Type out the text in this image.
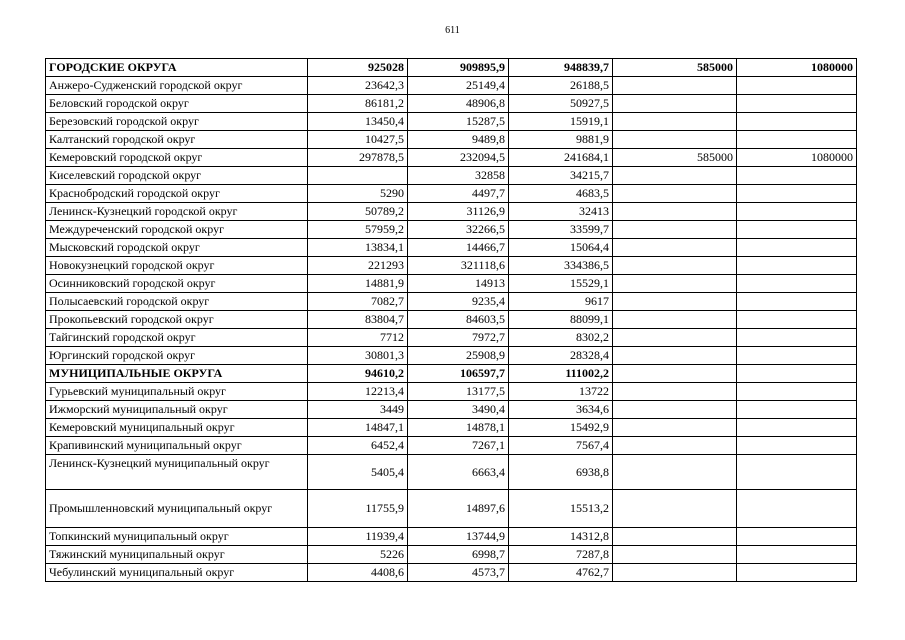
611
ГОРОДСКИЕ ОКРУГА	925028	909895,9	948839,7	585000	1080000
Анжеро-Судженский городской округ	23642,3	25149,4	26188,5		
Беловский городской округ	86181,2	48906,8	50927,5		
Березовский городской округ	13450,4	15287,5	15919,1		
Калтанский городской округ	10427,5	9489,8	9881,9		
Кемеровский городской округ	297878,5	232094,5	241684,1	585000	1080000
Киселевский городской округ		32858	34215,7		
Краснобродский городской округ	5290	4497,7	4683,5		
Ленинск-Кузнецкий городской округ	50789,2	31126,9	32413		
Междуреченский городской округ	57959,2	32266,5	33599,7		
Мысковский городской округ	13834,1	14466,7	15064,4		
Новокузнецкий городской округ	221293	321118,6	334386,5		
Осинниковский городской округ	14881,9	14913	15529,1		
Полысаевский городской округ	7082,7	9235,4	9617		
Прокопьевский городской округ	83804,7	84603,5	88099,1		
Тайгинский городской округ	7712	7972,7	8302,2		
Юргинский городской округ	30801,3	25908,9	28328,4		
МУНИЦИПАЛЬНЫЕ ОКРУГА	94610,2	106597,7	111002,2		
Гурьевский муниципальный округ	12213,4	13177,5	13722		
Ижморский муниципальный округ	3449	3490,4	3634,6		
Кемеровский муниципальный округ	14847,1	14878,1	15492,9		
Крапивинский муниципальный округ	6452,4	7267,1	7567,4		
Ленинск-Кузнецкий муниципальный округ	5405,4	6663,4	6938,8		
Промышленновский муниципальный округ	11755,9	14897,6	15513,2		
Топкинский муниципальный округ	11939,4	13744,9	14312,8		
Тяжинский муниципальный округ	5226	6998,7	7287,8		
Чебулинский муниципальный округ	4408,6	4573,7	4762,7		
